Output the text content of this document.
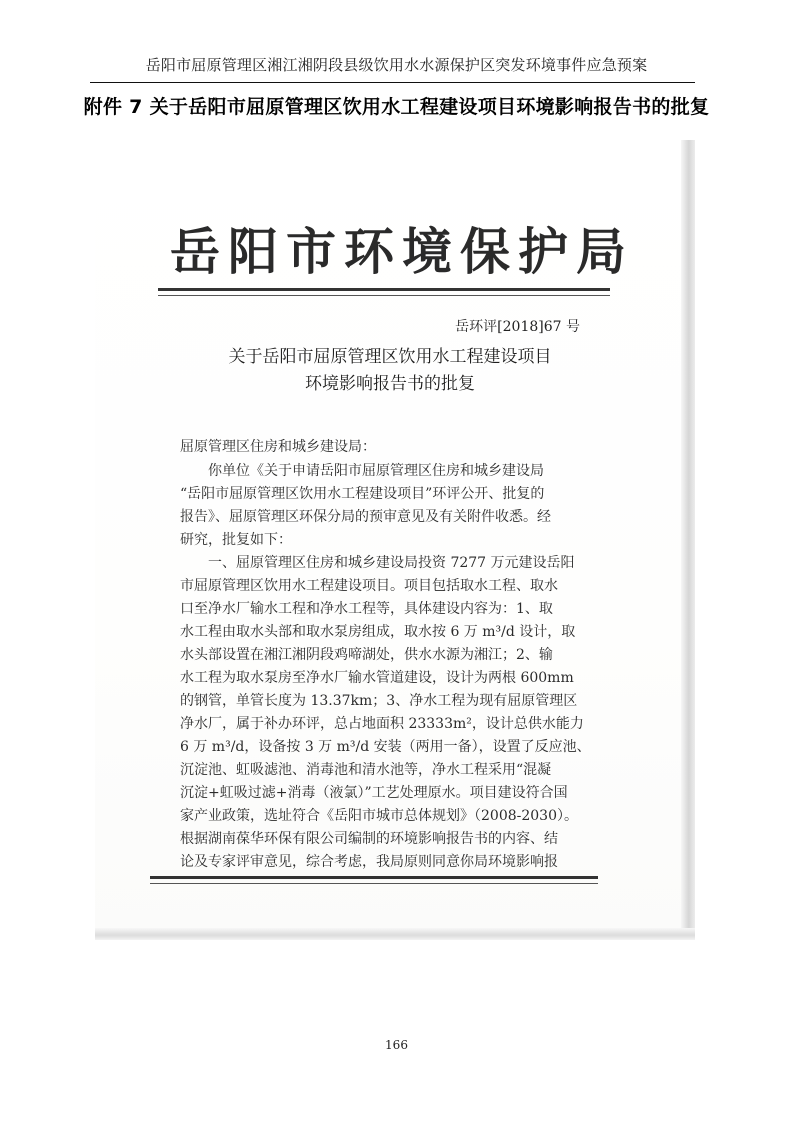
岳阳市屈原管理区湘江湘阴段县级饮用水水源保护区突发环境事件应急预案
附件 7 关于岳阳市屈原管理区饮用水工程建设项目环境影响报告书的批复
岳阳市环境保护局
岳环评[2018]67 号
关于岳阳市屈原管理区饮用水工程建设项目
环境影响报告书的批复
屈原管理区住房和城乡建设局：
　　你单位《关于申请岳阳市屈原管理区住房和城乡建设局
“岳阳市屈原管理区饮用水工程建设项目”环评公开、批复的
报告》、屈原管理区环保分局的预审意见及有关附件收悉。经
研究，批复如下：
　　一、屈原管理区住房和城乡建设局投资 7277 万元建设岳阳
市屈原管理区饮用水工程建设项目。项目包括取水工程、取水
口至净水厂输水工程和净水工程等，具体建设内容为：1、取
水工程由取水头部和取水泵房组成，取水按 6 万 m³/d 设计，取
水头部设置在湘江湘阴段鸡啼湖处，供水水源为湘江；2、输
水工程为取水泵房至净水厂输水管道建设，设计为两根 600mm
的钢管，单管长度为 13.37km；3、净水工程为现有屈原管理区
净水厂，属于补办环评，总占地面积 23333m²，设计总供水能力
6 万 m³/d，设备按 3 万 m³/d 安装（两用一备），设置了反应池、
沉淀池、虹吸滤池、消毒池和清水池等，净水工程采用“混凝
沉淀+虹吸过滤+消毒（液氯）”工艺处理原水。项目建设符合国
家产业政策，选址符合《岳阳市城市总体规划》（2008-2030）。
根据湖南葆华环保有限公司编制的环境影响报告书的内容、结
论及专家评审意见，综合考虑，我局原则同意你局环境影响报
166
